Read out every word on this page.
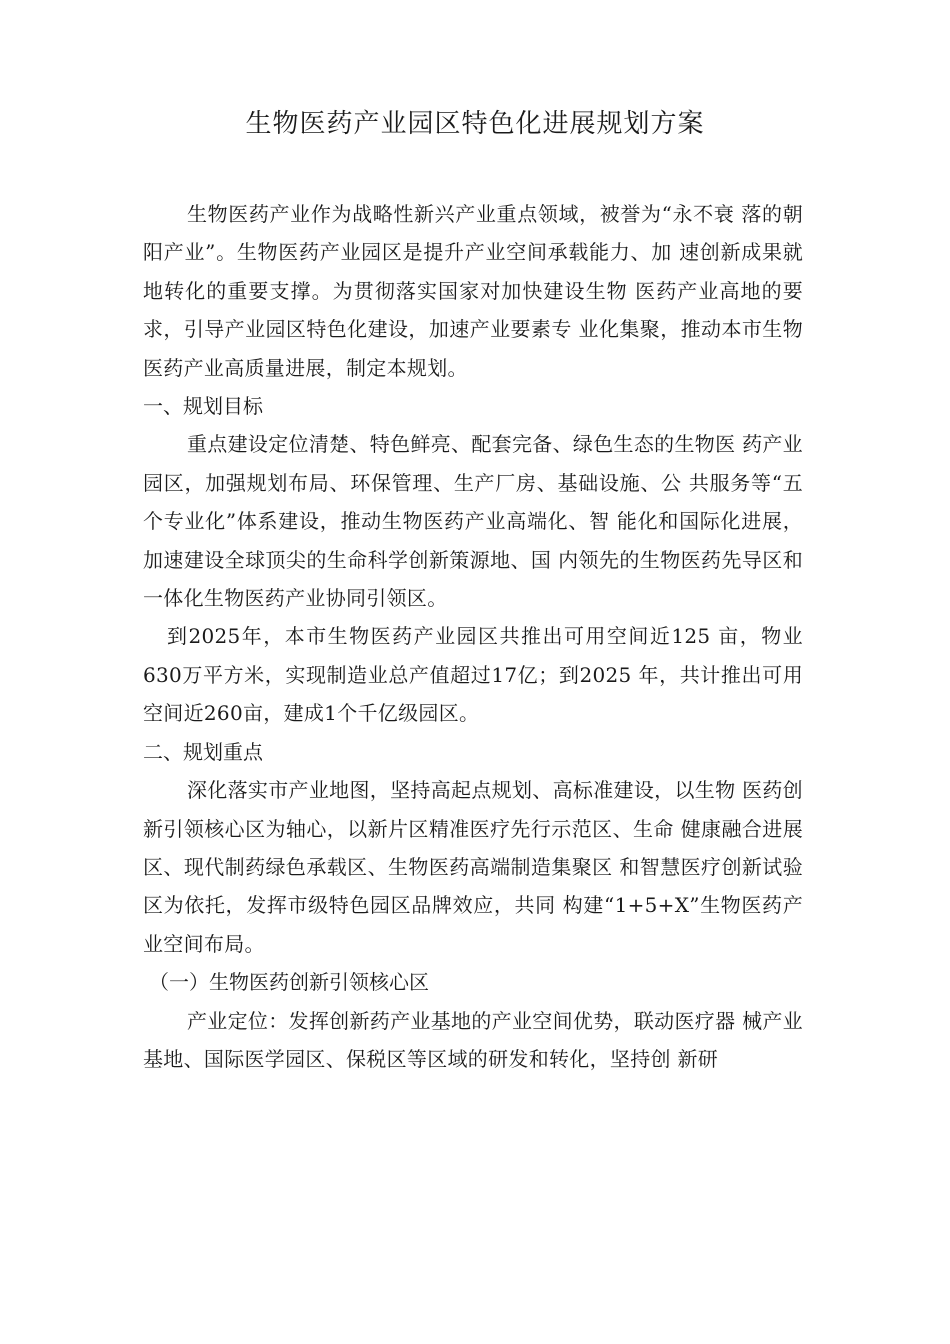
生物医药产业园区特色化进展规划方案

生物医药产业作为战略性新兴产业重点领域，被誉为“永不衰 落的朝阳产业”。生物医药产业园区是提升产业空间承载能力、加 速创新成果就地转化的重要支撑。为贯彻落实国家对加快建设生物 医药产业高地的要求，引导产业园区特色化建设，加速产业要素专 业化集聚，推动本市生物医药产业高质量进展，制定本规划。

一、规划目标

重点建设定位清楚、特色鲜亮、配套完备、绿色生态的生物医 药产业园区，加强规划布局、环保管理、生产厂房、基础设施、公 共服务等“五个专业化”体系建设，推动生物医药产业高端化、智 能化和国际化进展，加速建设全球顶尖的生命科学创新策源地、国 内领先的生物医药先导区和一体化生物医药产业协同引领区。

到2025年，本市生物医药产业园区共推出可用空间近125 亩，物业630万平方米，实现制造业总产值超过17亿；到2025 年，共计推出可用空间近260亩，建成1个千亿级园区。

二、规划重点

深化落实市产业地图，坚持高起点规划、高标准建设，以生物 医药创新引领核心区为轴心，以新片区精准医疗先行示范区、生命 健康融合进展区、现代制药绿色承载区、生物医药高端制造集聚区 和智慧医疗创新试验区为依托，发挥市级特色园区品牌效应，共同 构建“1+5+X”生物医药产业空间布局。

（一）生物医药创新引领核心区

产业定位：发挥创新药产业基地的产业空间优势，联动医疗器 械产业基地、国际医学园区、保税区等区域的研发和转化，坚持创 新研
